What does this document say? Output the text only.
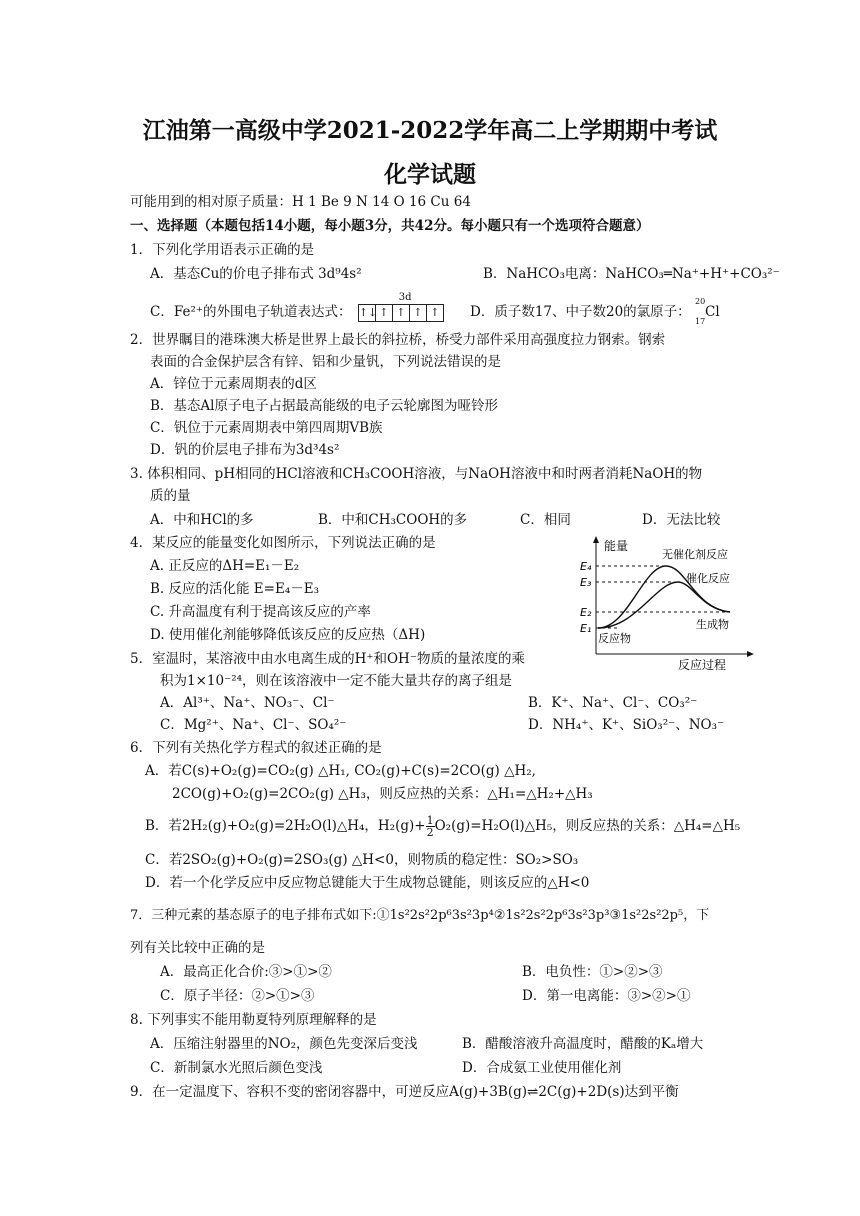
江油第一高级中学2021-2022学年高二上学期期中考试
化学试题
可能用到的相对原子质量：H 1 Be 9 N 14 O 16 Cu 64
一、选择题（本题包括14小题，每小题3分，共42分。每小题只有一个选项符合题意）
1．下列化学用语表示正确的是
A．基态Cu的价电子排布式 3d⁹4s²	B．NaHCO₃电离：NaHCO₃═Na⁺+H⁺+CO₃²⁻
C．Fe²⁺的外围电子轨道表达式：
3d
↑↓ ↑ ↑ ↑ ↑ D．质子数17、中子数20的氯原子：
20
17
Cl
2．世界瞩目的港珠澳大桥是世界上最长的斜拉桥，桥受力部件采用高强度拉力钢索。钢索
表面的合金保护层含有锌、铝和少量钒，下列说法错误的是
A．锌位于元素周期表的d区
B．基态Al原子电子占据最高能级的电子云轮廓图为哑铃形
C．钒位于元素周期表中第四周期ⅤB族
D．钒的价层电子排布为3d³4s²
3. 体积相同、pH相同的HCl溶液和CH₃COOH溶液，与NaOH溶液中和时两者消耗NaOH的物
质的量
A．中和HCl的多	B．中和CH₃COOH的多	C．相同	D．无法比较
4．某反应的能量变化如图所示，下列说法正确的是
A. 正反应的ΔH=E₁－E₂
B. 反应的活化能 E=E₄－E₃
C. 升高温度有利于提高该反应的产率
D. 使用催化剂能够降低该反应的反应热（ΔH)
能量
反应过程
E₄
E₃
E₂
E₁
无催化剂反应
催化反应
反应物
生成物
5．室温时，某溶液中由水电离生成的H⁺和OH⁻物质的量浓度的乘
积为1×10⁻²⁴，则在该溶液中一定不能大量共存的离子组是
A．Al³⁺、Na⁺、NO₃⁻、Cl⁻	B．K⁺、Na⁺、Cl⁻、CO₃²⁻
C．Mg²⁺、Na⁺、Cl⁻、SO₄²⁻	D．NH₄⁺、K⁺、SiO₃²⁻、NO₃⁻
6．下列有关热化学方程式的叙述正确的是
A．若C(s)+O₂(g)=CO₂(g) △H₁, CO₂(g)+C(s)=2CO(g) △H₂,
2CO(g)+O₂(g)=2CO₂(g) △H₃，则反应热的关系：△H₁=△H₂+△H₃
B．若2H₂(g)+O₂(g)=2H₂O(l)△H₄，$H_2(g)+ \frac{1}{2}O_2(g)=H_2O(l)\triangle H_5$，则反应热的关系：△H₄=△H₅
C．若2SO₂(g)+O₂(g)=2SO₃(g) △H<0，则物质的稳定性：SO₂>SO₃
D．若一个化学反应中反应物总键能大于生成物总键能，则该反应的△H<0
7．三种元素的基态原子的电子排布式如下:①1s²2s²2p⁶3s²3p⁴②1s²2s²2p⁶3s²3p³③1s²2s²2p⁵，下
列有关比较中正确的是
A．最高正化合价:③>①>②	B．电负性：①>②>③
C．原子半径：②>①>③	D．第一电离能：③>②>①
8. 下列事实不能用勒夏特列原理解释的是
A．压缩注射器里的NO₂，颜色先变深后变浅	B．醋酸溶液升高温度时，醋酸的Kₐ增大
C．新制氯水光照后颜色变浅	D．合成氨工业使用催化剂
9．在一定温度下、容积不变的密闭容器中，可逆反应A(g)+3B(g)⇌2C(g)+2D(s)达到平衡
